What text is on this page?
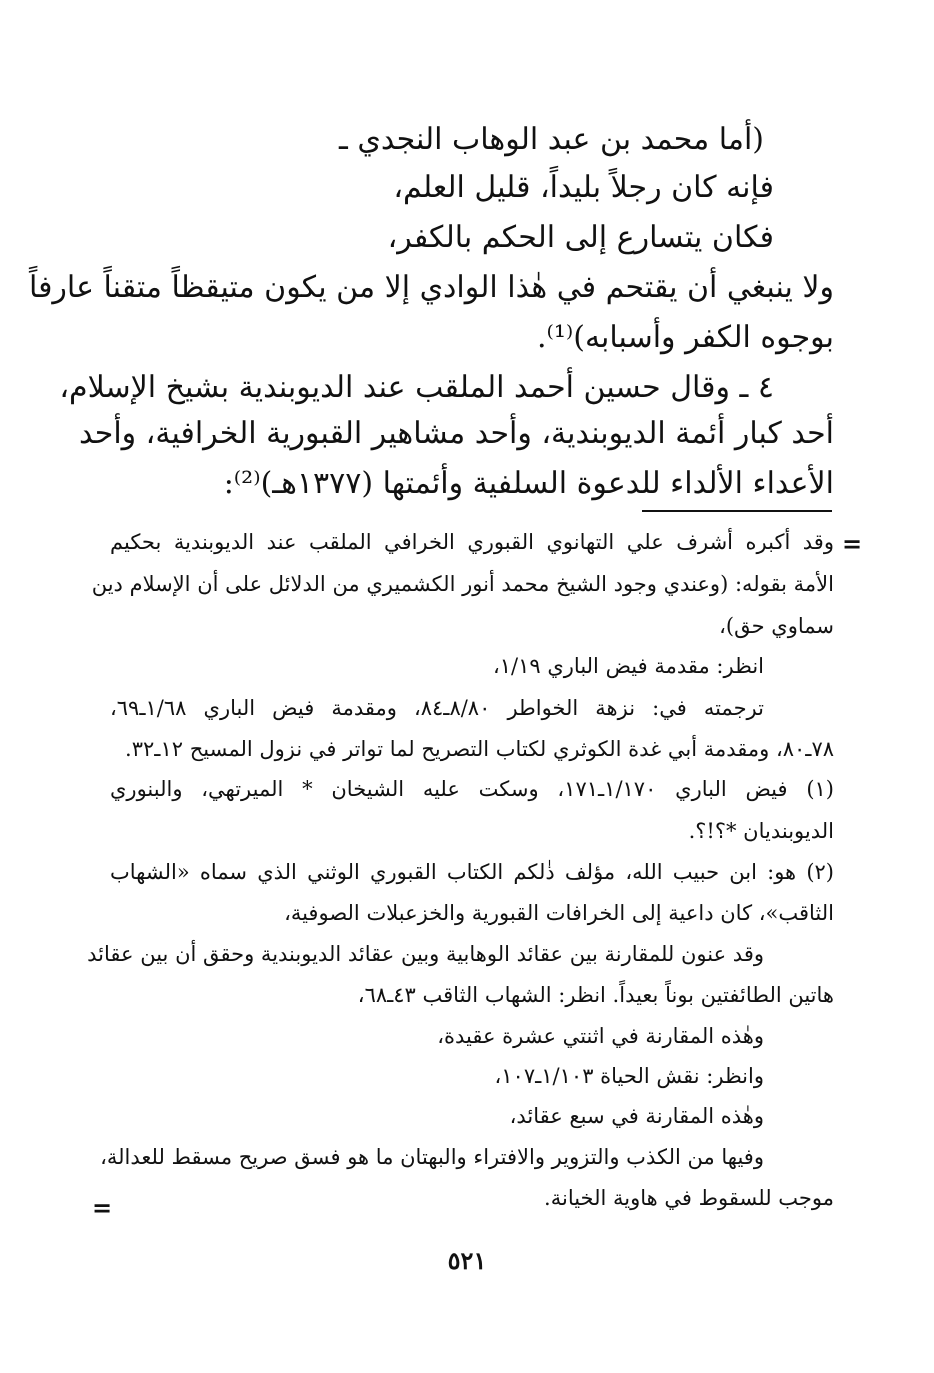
(أما محمد بن عبد الوهاب النجدي ـ
فإنه كان رجلاً بليداً، قليل العلم،
فكان يتسارع إلى الحكم بالكفر،
ولا ينبغي أن يقتحم في هٰذا الوادي إلا من يكون متيقظاً متقناً عارفاً
بوجوه الكفر وأسبابه)⁽¹⁾.
٤ ـ وقال حسين أحمد الملقب عند الديوبندية بشيخ الإسلام،
أحد كبار أئمة الديوبندية، وأحد مشاهير القبورية الخرافية، وأحد
الأعداء الألداء للدعوة السلفية وأئمتها (١٣٧٧هـ)⁽²⁾:
=
وقد أكبره أشرف علي التهانوي القبوري الخرافي الملقب عند الديوبندية بحكيم
الأمة بقوله: (وعندي وجود الشيخ محمد أنور الكشميري من الدلائل على أن الإسلام دين
سماوي حق)،
انظر: مقدمة فيض الباري ١/١٩،
ترجمته في: نزهة الخواطر ٨/٨٠ـ٨٤، ومقدمة فيض الباري ١/٦٨ـ٦٩،
٧٨ـ٨٠، ومقدمة أبي غدة الكوثري لكتاب التصريح لما تواتر في نزول المسيح ١٢ـ٣٢.
(١) فيض الباري ١/١٧٠ـ١٧١، وسكت عليه الشيخان * الميرتهي، والبنوري
الديوبنديان *؟!؟.
(٢) هو: ابن حبيب الله، مؤلف ذٰلكم الكتاب القبوري الوثني الذي سماه «الشهاب
الثاقب»، كان داعية إلى الخرافات القبورية والخزعبلات الصوفية،
وقد عنون للمقارنة بين عقائد الوهابية وبين عقائد الديوبندية وحقق أن بين عقائد
هاتين الطائفتين بوناً بعيداً. انظر: الشهاب الثاقب ٤٣ـ٦٨،
وهٰذه المقارنة في اثنتي عشرة عقيدة،
وانظر: نقش الحياة ١/١٠٣ـ١٠٧،
وهٰذه المقارنة في سبع عقائد،
وفيها من الكذب والتزوير والافتراء والبهتان ما هو فسق صريح مسقط للعدالة،
موجب للسقوط في هاوية الخيانة.
=
٥٢١
